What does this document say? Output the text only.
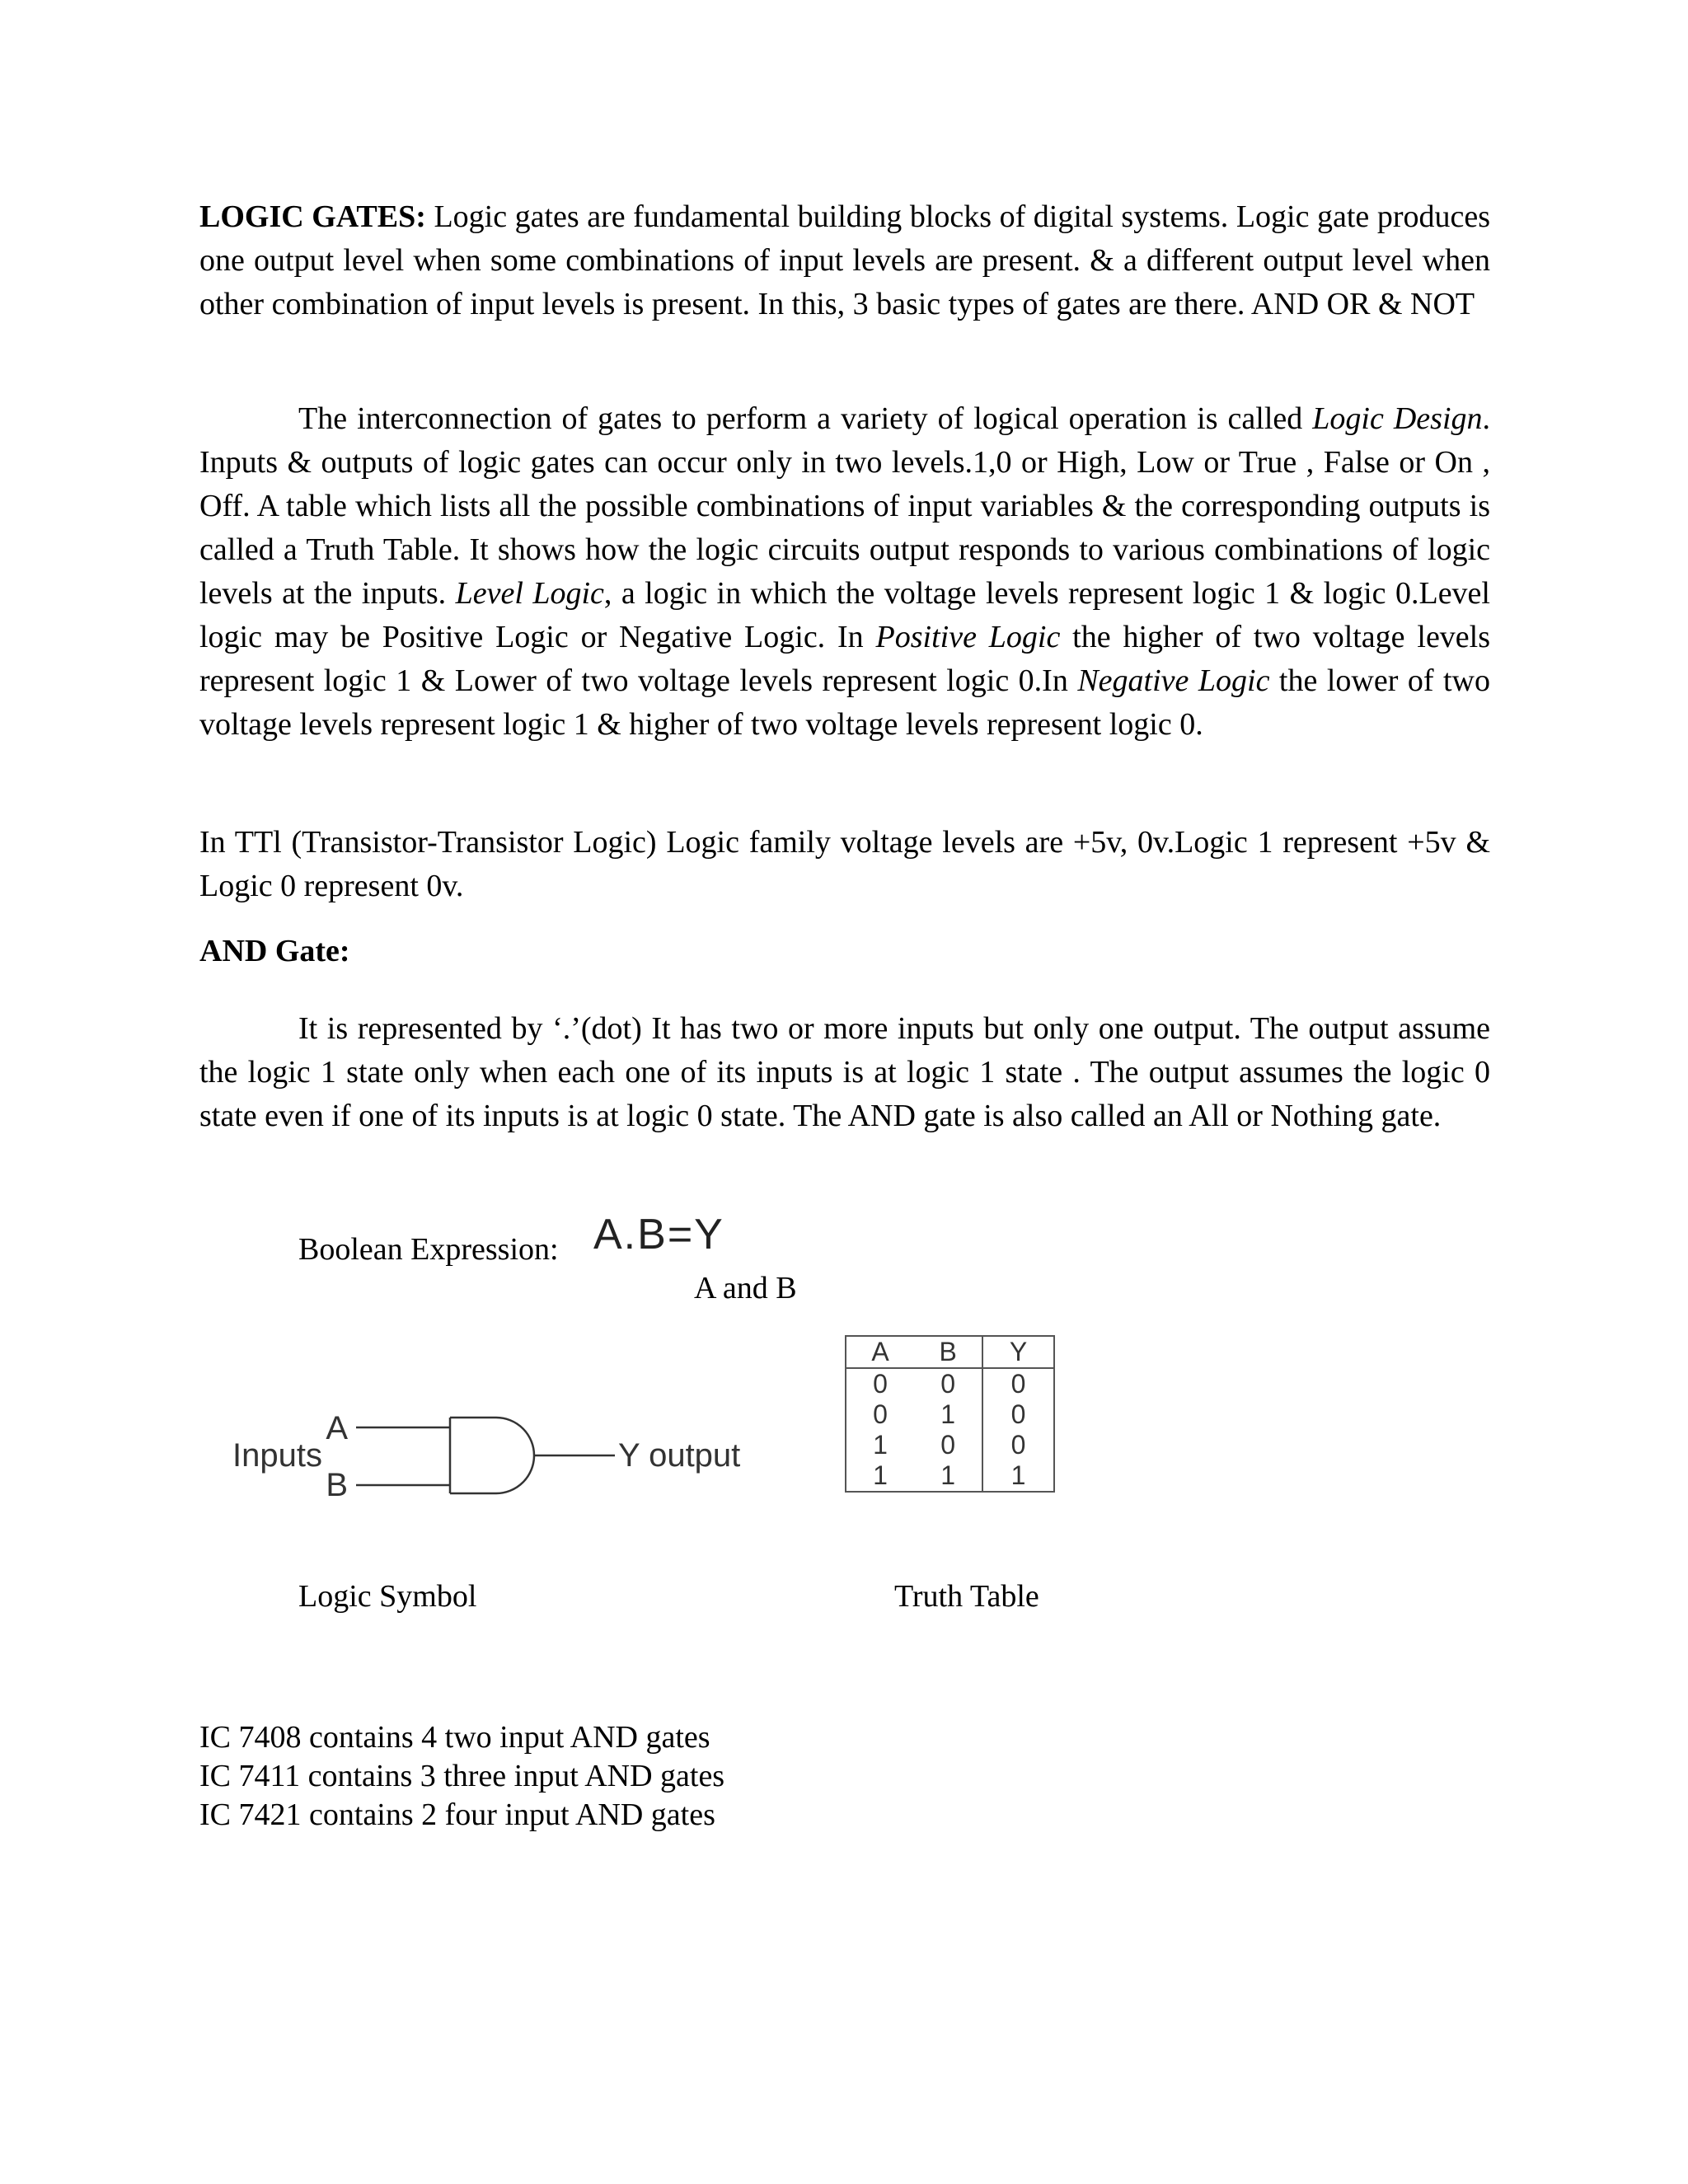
LOGIC GATES: Logic gates are fundamental building blocks of digital systems. Logic gate produces one output level when some combinations of input levels are present. & a different output level when other combination of input levels is present. In this, 3 basic types of gates are there. AND OR & NOT

The interconnection of gates to perform a variety of logical operation is called Logic Design. Inputs & outputs of logic gates can occur only in two levels.1,0 or High, Low or True , False or On , Off. A table which lists all the possible combinations of input variables & the corresponding outputs is called a Truth Table. It shows how the logic circuits output responds to various combinations of logic levels at the inputs. Level Logic, a logic in which the voltage levels represent logic 1 & logic 0.Level logic may be Positive Logic or Negative Logic. In Positive Logic the higher of two voltage levels represent logic 1 & Lower of two voltage levels represent logic 0.In Negative Logic the lower of two voltage levels represent logic 1 & higher of two voltage levels represent logic 0.

In TTl (Transistor-Transistor Logic) Logic family voltage levels are +5v, 0v.Logic 1 represent +5v & Logic 0 represent 0v.

AND Gate:

It is represented by ‘.’(dot) It has two or more inputs but only one output. The output assume the logic 1 state only when each one of its inputs is at logic 1 state . The output assumes the logic 0 state even if one of its inputs is at logic 0 state. The AND gate is also called an All or Nothing gate.

Boolean Expression: A.B=Y

A and B

Inputs
A
B
Y output
A	B	Y
0	0	0
0	1	0
1	0	0
1	1	1

Logic Symbol	Truth Table

IC 7408 contains 4 two input AND gates
IC 7411 contains 3 three input AND gates
IC 7421 contains 2 four input AND gates
